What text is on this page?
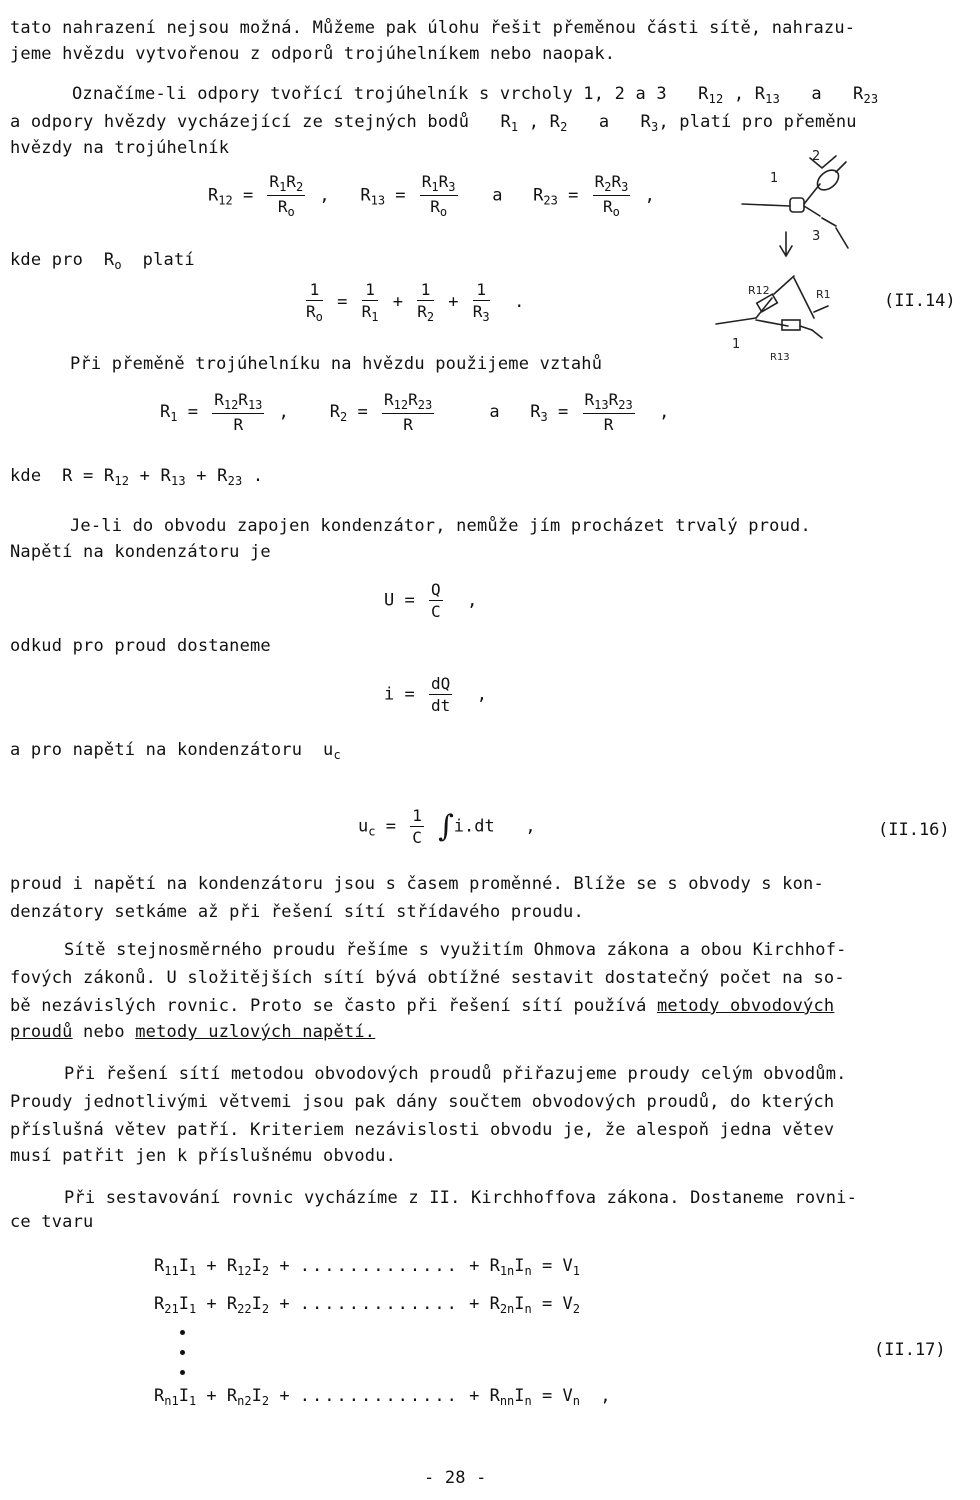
tato nahrazení nejsou možná. Můžeme pak úlohu řešit přeměnou části sítě, nahrazu-
jeme hvězdu vytvořenou z odporů trojúhelníkem nebo naopak.
Označíme-li odpory tvořící trojúhelník s vrcholy 1, 2 a 3   $R_{12}$ , $R_{13}$   a   $R_{23}$
a odpory hvězdy vycházející ze stejných bodů   $R_1$ , $R_2$   a   $R_3$, platí pro přeměnu
hvězdy na trojúhelník
$R_{12} = \frac{R_1R_2}{R_o}$ ,   $R_{13} = \frac{R_1R_3}{R_o}$ a   $R_{23} = \frac{R_2R_3}{R_o}$ ,
kde pro  $R_o$ platí
$\frac{1}{R_o} = \frac{1}{R_1} + \frac{1}{R_2} + \frac{1}{R_3}$ .	(II.14)
1
2
3
1
R12	R1
R13
Při přeměně trojúhelníku na hvězdu použijeme vztahů
$R_1 = \frac{R_{12}R_{13}}{R}$ ,    $R_2 = \frac{R_{12}R_{23}}{R}$ a   $R_3 = \frac{R_{13}R_{23}}{R}$ ,
kde  $R = R_{12} + R_{13} + R_{23}$ .
Je-li do obvodu zapojen kondenzátor, nemůže jím procházet trvalý proud.
Napětí na kondenzátoru je
$U = \frac{Q}{C}$ ,
odkud pro proud dostaneme
$i = \frac{dQ}{dt}$ ,
a pro napětí na kondenzátoru  $u_c$
$u_c = \frac{1}{C} \int i.dt$   ,	(II.16)
proud i napětí na kondenzátoru jsou s časem proměnné. Blíže se s obvody s kon-
denzátory setkáme až při řešení sítí střídavého proudu.
Sítě stejnosměrného proudu řešíme s využitím Ohmova zákona a obou Kirchhof-
fových zákonů. U složitějších sítí bývá obtížné sestavit dostatečný počet na so-
bě nezávislých rovnic. Proto se často při řešení sítí používá metody obvodových
proudů nebo metody uzlových napětí.
Při řešení sítí metodou obvodových proudů přiřazujeme proudy celým obvodům.
Proudy jednotlivými větvemi jsou pak dány součtem obvodových proudů, do kterých
příslušná větev patří. Kriteriem nezávislosti obvodu je, že alespoň jedna větev
musí patřit jen k příslušnému obvodu.
Při sestavování rovnic vycházíme z II. Kirchhoffova zákona. Dostaneme rovni-
ce tvaru
$R_{11}I_1 + R_{12}I_2$ + ............. + $R_{1n}I_n = V_1$
$R_{21}I_1 + R_{22}I_2$ + ............. + $R_{2n}I_n = V_2$
(II.17)
$R_{n1}I_1 + R_{n2}I_2$ + ............. + $R_{nn}I_n = V_n$  ,
- 28 -
